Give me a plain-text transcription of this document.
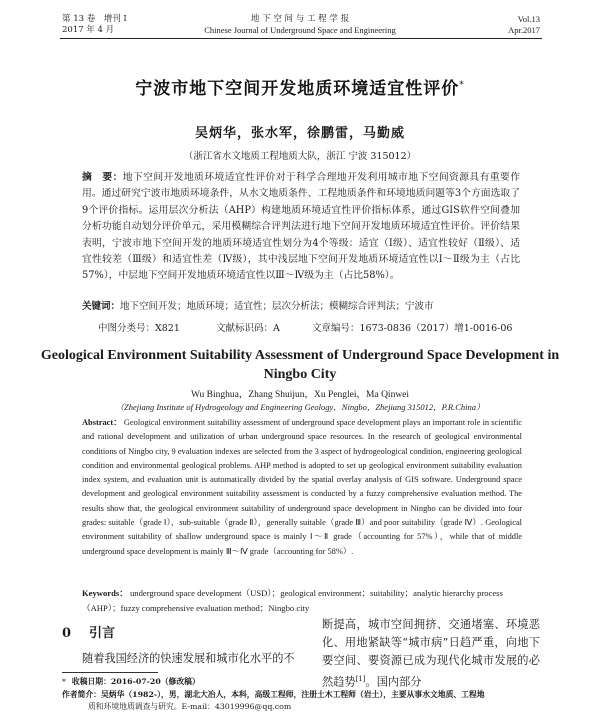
第 13 卷　增刊 I
2017 年 4 月
地 下 空 间 与 工 程 学 报
Chinese Journal of Underground Space and Engineering
Vol.13
Apr.2017
宁波市地下空间开发地质环境适宜性评价*
吴炳华，张水军，徐鹏雷，马勤威
（浙江省水文地质工程地质大队，浙江 宁波 315012）
摘　要：地下空间开发地质环境适宜性评价对于科学合理地开发利用城市地下空间资源具有重要作用。通过研究宁波市地质环境条件，从水文地质条件、工程地质条件和环境地质问题等3个方面选取了9个评价指标。运用层次分析法（AHP）构建地质环境适宜性评价指标体系，通过GIS软件空间叠加分析功能自动划分评价单元，采用模糊综合评判法进行地下空间开发地质环境适宜性评价。评价结果表明，宁波市地下空间开发的地质环境适宜性划分为4个等级：适宜（Ⅰ级）、适宜性较好（Ⅱ级）、适宜性较差（Ⅲ级）和适宜性差（Ⅳ级），其中浅层地下空间开发地质环境适宜性以Ⅰ～Ⅱ级为主（占比57%），中层地下空间开发地质环境适宜性以Ⅲ～Ⅳ级为主（占比58%）。
关键词：地下空间开发；地质环境；适宜性；层次分析法；模糊综合评判法；宁波市
中图分类号：X821	文献标识码：A	文章编号：1673-0836（2017）增1-0016-06
Geological Environment Suitability Assessment of Underground Space Development in Ningbo City
Wu Binghua，Zhang Shuijun，Xu Penglei，Ma Qinwei
（Zhejiang Institute of Hydrogeology and Engineering Geology，Ningbo，Zhejiang 315012，P.R.China）
Abstract： Geological environment suitability assessment of underground space development plays an important role in scientific and rational development and utilization of urban underground space resources. In the research of geological environmental conditions of Ningbo city, 9 evaluation indexes are selected from the 3 aspect of hydrogeological condition, engineering geological condition and environmental geological problems. AHP method is adopted to set up geological environment suitability evaluation index system, and evaluation unit is automatically divided by the spatial overlay analysis of GIS software. Underground space development and geological environment suitability assessment is conducted by a fuzzy comprehensive evaluation method. The results show that, the geological environment suitability of underground space development in Ningbo can be divided into four grades: suitable（grade Ⅰ），sub-suitable（grade Ⅱ），generally suitable（grade Ⅲ）and poor suitability（grade Ⅳ）. Geological environment suitability of shallow underground space is mainly Ⅰ～Ⅱ grade（accounting for 57%），while that of middle underground space development is mainly Ⅲ～Ⅳ grade（accounting for 58%）.
Keywords： underground space development（USD）；geological environment；suitability；analytic hierarchy process（AHP）；fuzzy comprehensive evaluation method；Ningbo city
0 引言
随着我国经济的快速发展和城市化水平的不
断提高，城市空间拥挤、交通堵塞、环境恶化、用地紧缺等“城市病”日趋严重，向地下要空间、要资源已成为现代化城市发展的必然趋势[1]。国内部分
* 收稿日期：2016-07-20（修改稿）
作者简介：吴炳华（1982-），男，湖北大冶人，本科，高级工程师，注册土木工程师（岩土），主要从事水文地质、工程地
质和环境地质调查与研究。E-mail：43019996@qq.com
